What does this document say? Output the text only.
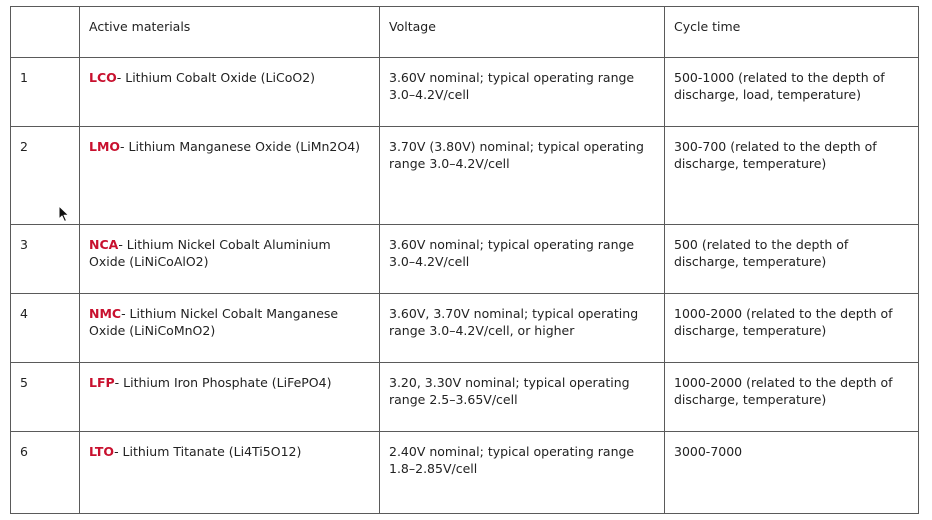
	Active materials	Voltage	Cycle time
1	LCO- Lithium Cobalt Oxide (LiCoO2)	3.60V nominal; typical operating range 3.0–4.2V/cell	500-1000 (related to the depth of discharge, load, temperature)
2	LMO- Lithium Manganese Oxide (LiMn2O4)	3.70V (3.80V) nominal; typical operating range 3.0–4.2V/cell	300-700 (related to the depth of discharge, temperature)
3	NCA- Lithium Nickel Cobalt Aluminium Oxide (LiNiCoAlO2)	3.60V nominal; typical operating range 3.0–4.2V/cell	500 (related to the depth of discharge, temperature)
4	NMC- Lithium Nickel Cobalt Manganese Oxide (LiNiCoMnO2)	3.60V, 3.70V nominal; typical operating range 3.0–4.2V/cell, or higher	1000-2000 (related to the depth of discharge, temperature)
5	LFP- Lithium Iron Phosphate (LiFePO4)	3.20, 3.30V nominal; typical operating range 2.5–3.65V/cell	1000-2000 (related to the depth of discharge, temperature)
6	LTO- Lithium Titanate (Li4Ti5O12)	2.40V nominal; typical operating range 1.8–2.85V/cell	3000-7000
